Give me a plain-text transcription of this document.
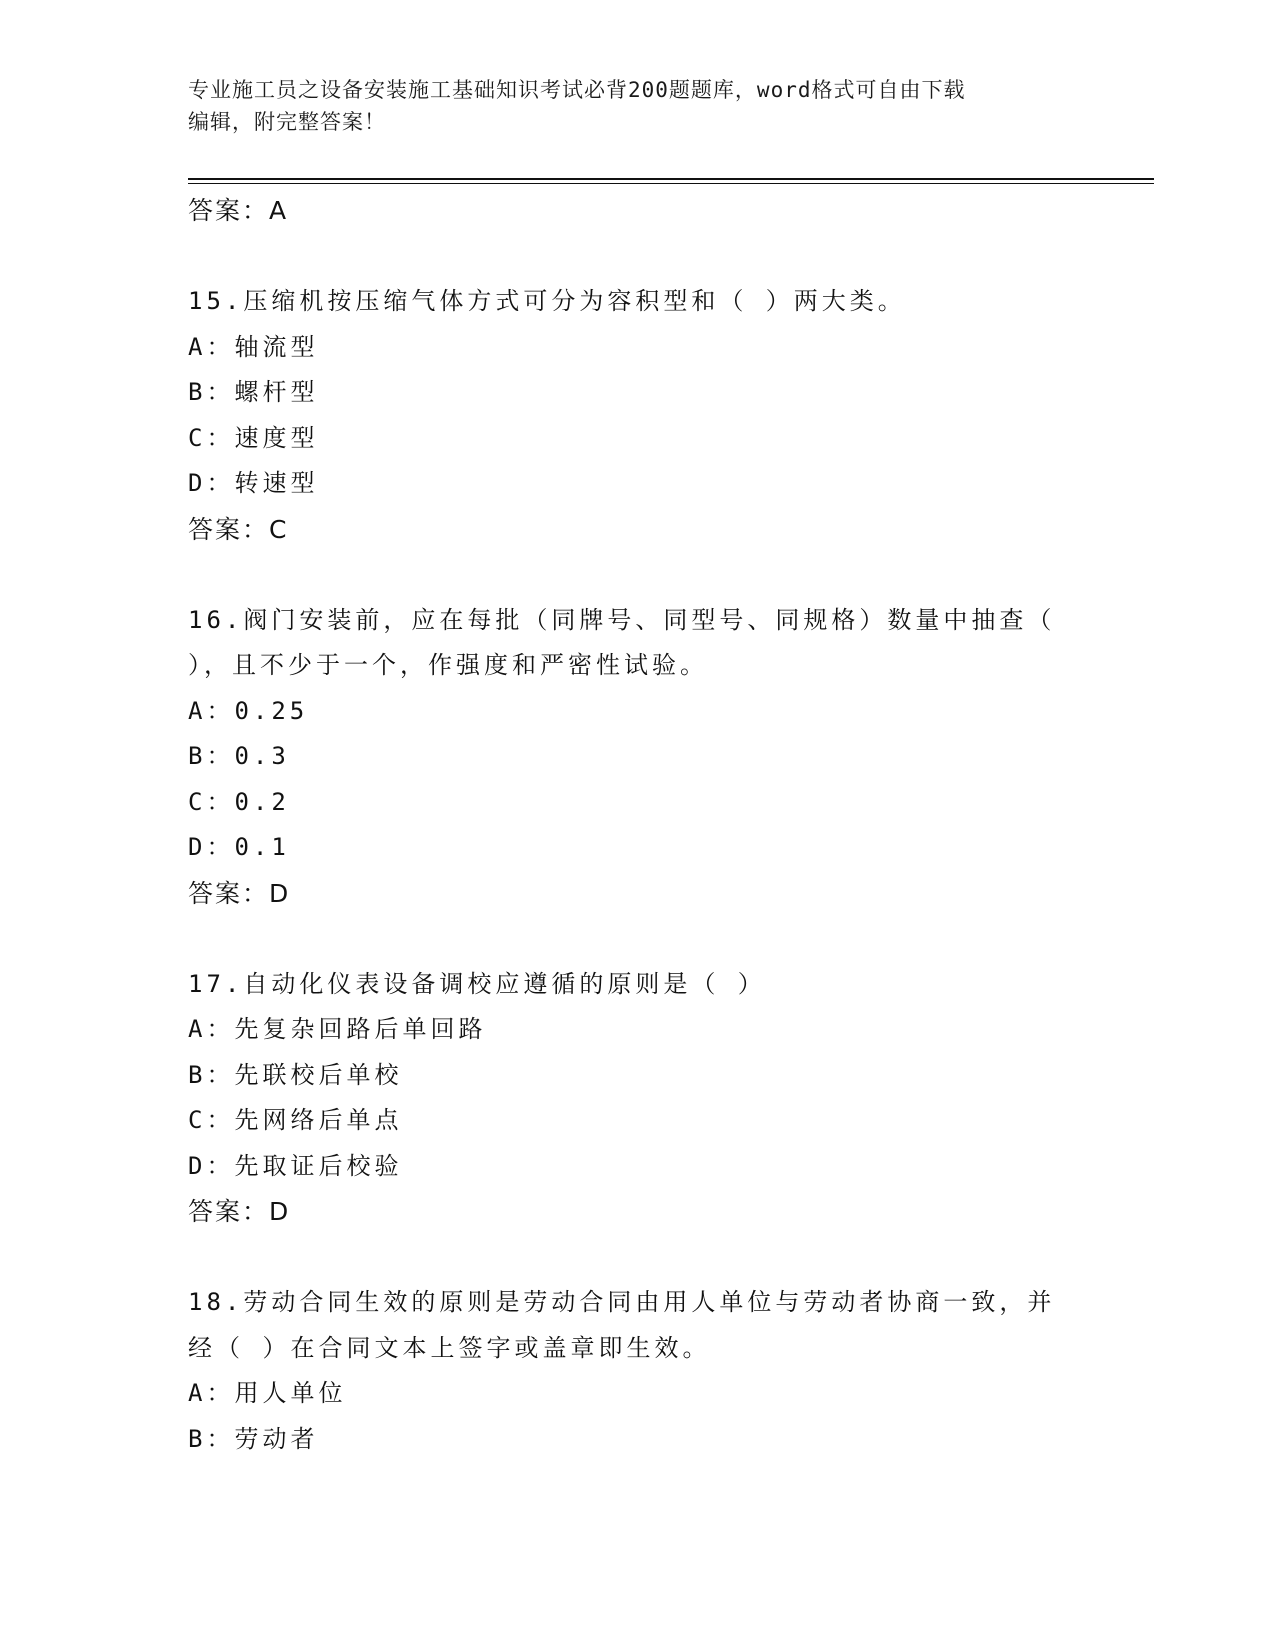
专业施工员之设备安装施工基础知识考试必背200题题库，word格式可自由下载
编辑，附完整答案！
答案：A
15.压缩机按压缩气体方式可分为容积型和（ ）两大类。
A：轴流型
B：螺杆型
C：速度型
D：转速型
答案：C
16.阀门安装前，应在每批（同牌号、同型号、同规格）数量中抽查（
），且不少于一个，作强度和严密性试验。
A：0.25
B：0.3
C：0.2
D：0.1
答案：D
17.自动化仪表设备调校应遵循的原则是（ ）
A：先复杂回路后单回路
B：先联校后单校
C：先网络后单点
D：先取证后校验
答案：D
18.劳动合同生效的原则是劳动合同由用人单位与劳动者协商一致，并
经（ ）在合同文本上签字或盖章即生效。
A：用人单位
B：劳动者
